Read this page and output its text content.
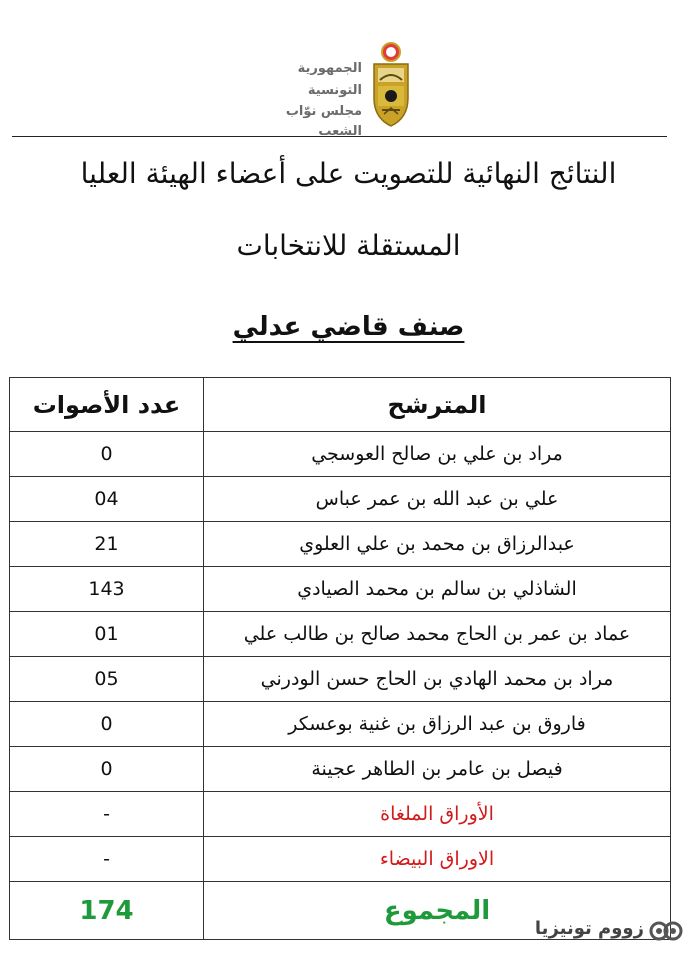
الجمهورية التونسية
مجلس نوّاب الشعب
النتائج النهائية للتصويت على أعضاء الهيئة العليا
المستقلة للانتخابات
صنف قاضي عدلي
المترشح	عدد الأصوات
مراد بن علي بن صالح العوسجي	0
علي بن عبد الله بن عمر عباس	04
عبدالرزاق بن محمد بن علي العلوي	21
الشاذلي بن سالم بن محمد الصيادي	143
عماد بن عمر بن الحاج محمد صالح بن طالب علي	01
مراد بن محمد الهادي بن الحاج حسن الودرني	05
فاروق بن عبد الرزاق بن غنية بوعسكر	0
فيصل بن عامر بن الطاهر عجينة	0
الأوراق الملغاة	-
الاوراق البيضاء	-
المجموع	174
زووم تونيزيا
